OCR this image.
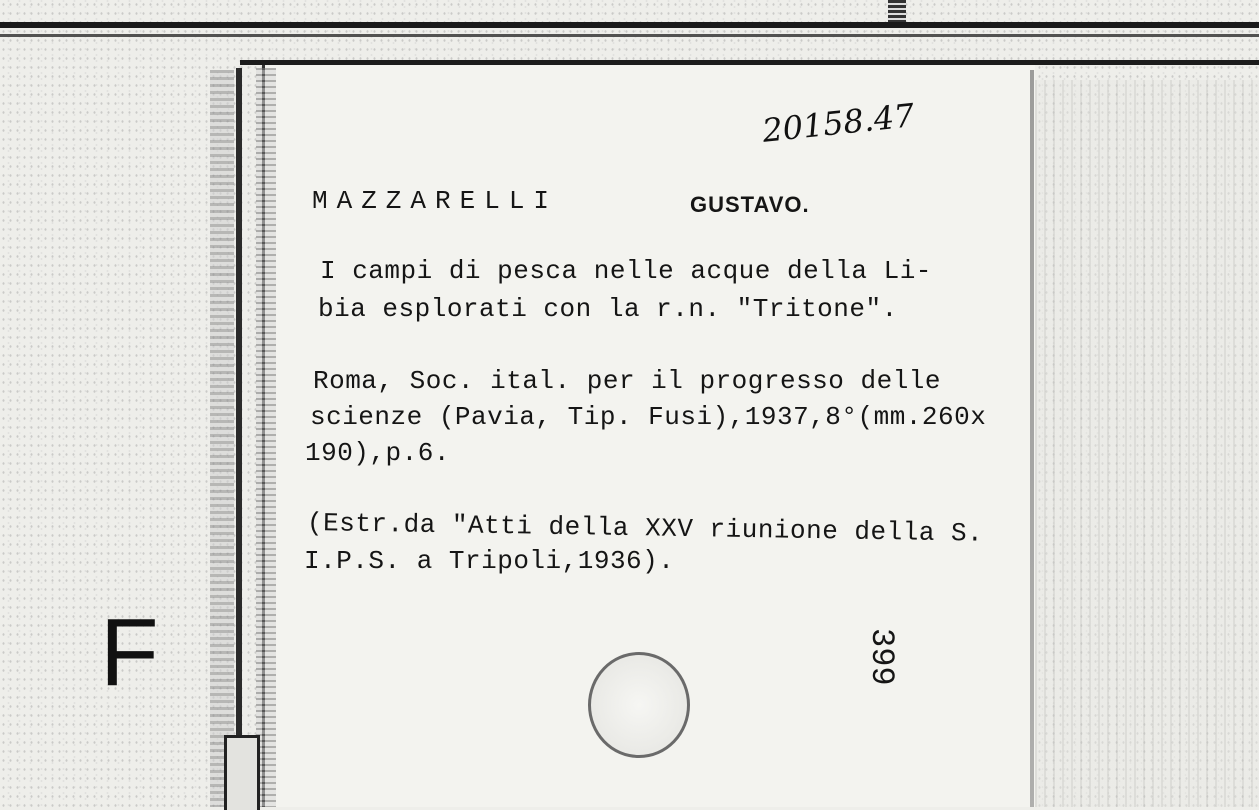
20158.47
MAZZARELLI	GUSTAVO.
I campi di pesca nelle acque della Li-
bia esplorati con la r.n. "Tritone".
Roma, Soc. ital. per il progresso delle
scienze (Pavia, Tip. Fusi),1937,8°(mm.260x
190),p.6.
(Estr.da "Atti della XXV riunione della S.
I.P.S. a Tripoli,1936).
F	399
